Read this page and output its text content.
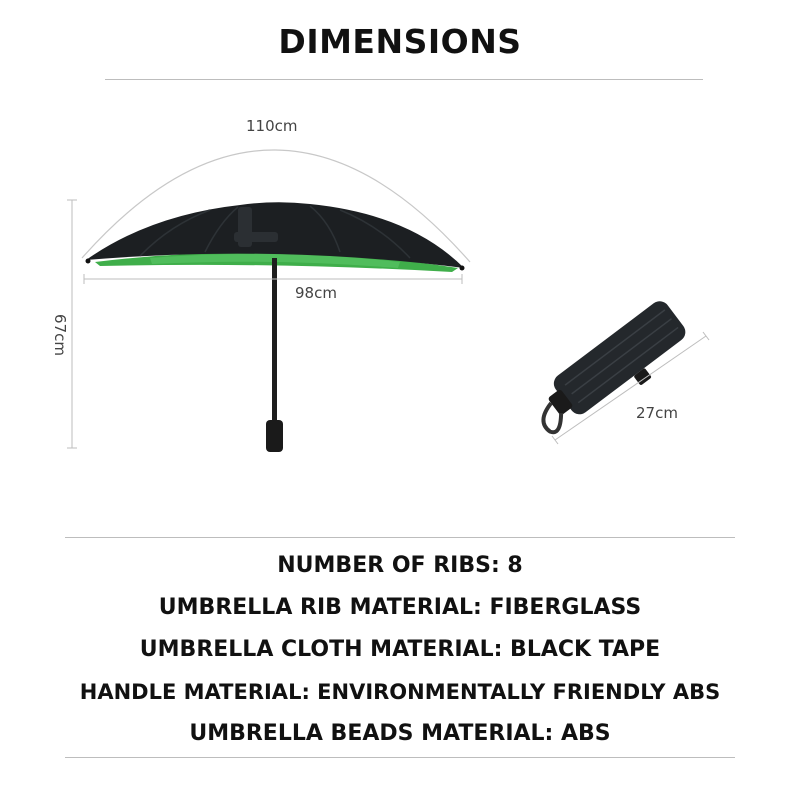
DIMENSIONS
110cm
98cm
67cm
27cm
NUMBER OF RIBS: 8
UMBRELLA RIB MATERIAL: FIBERGLASS
UMBRELLA CLOTH MATERIAL: BLACK TAPE
HANDLE MATERIAL: ENVIRONMENTALLY FRIENDLY ABS
UMBRELLA BEADS MATERIAL: ABS
